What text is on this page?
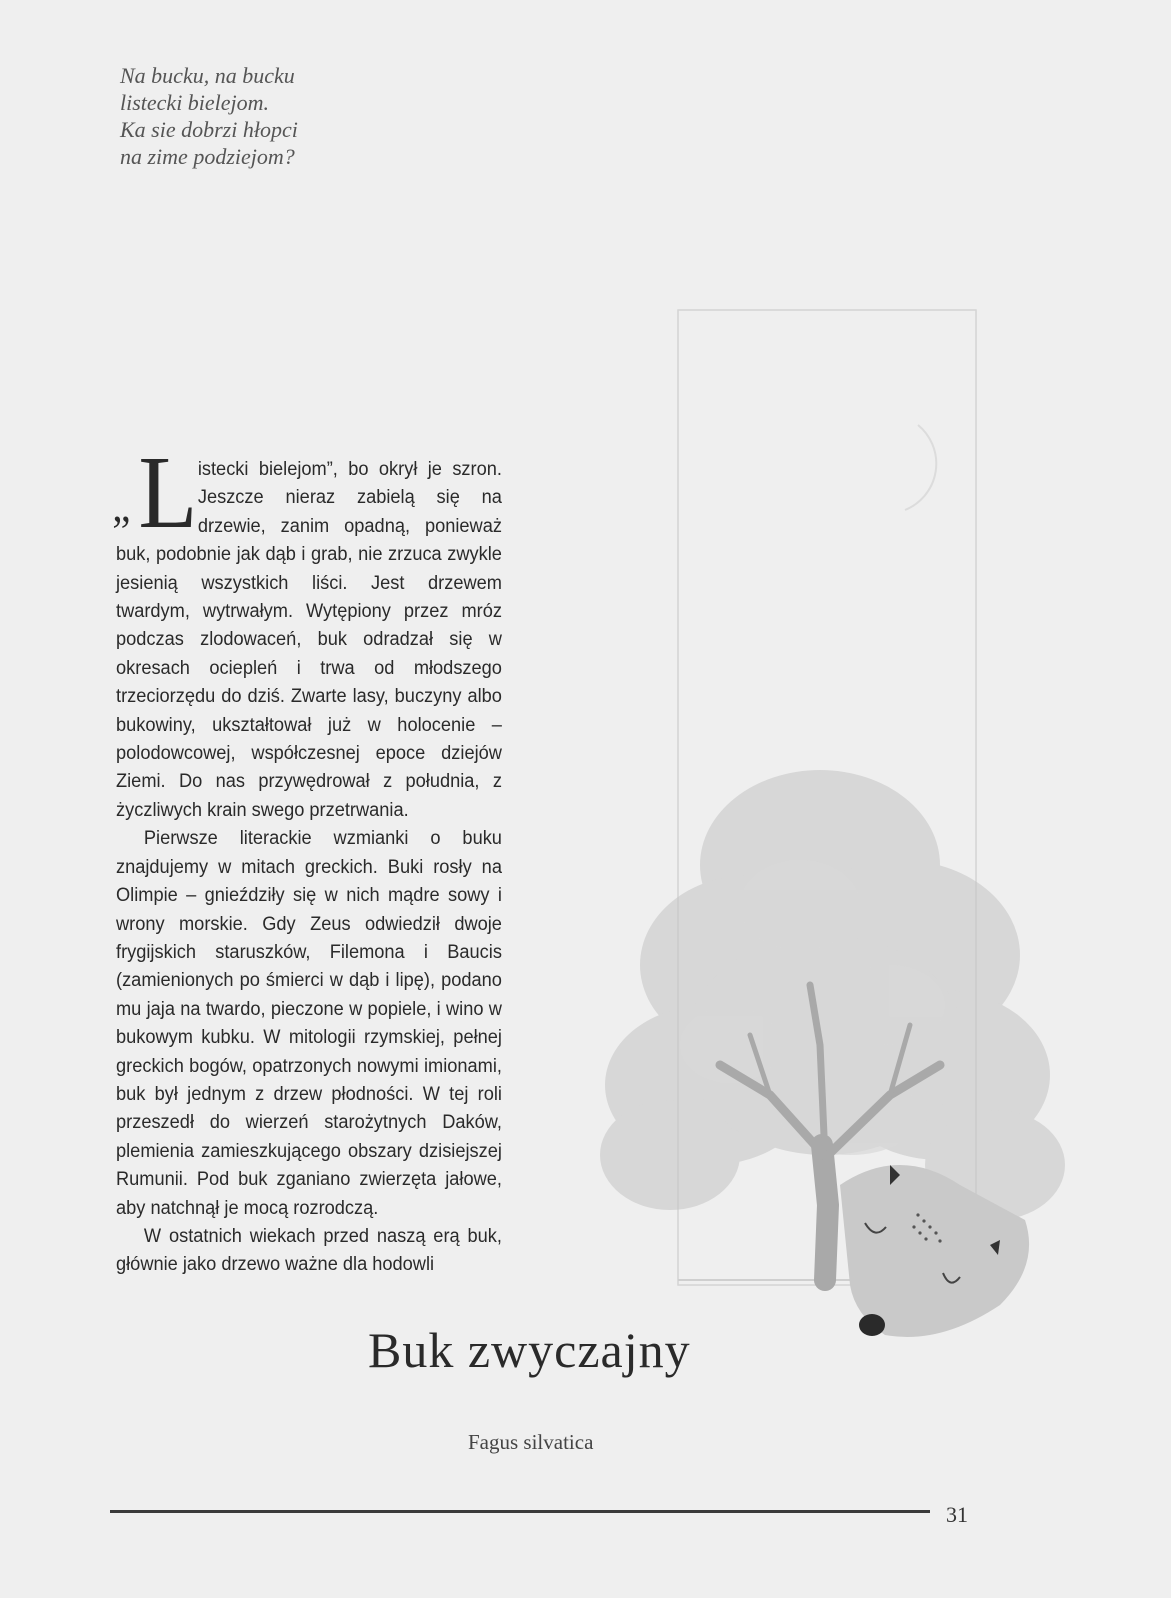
Na bucku, na bucku
listecki bielejom.
Ka sie dobrzi hłopci
na zime podziejom?
„ L istecki bielejom”, bo okrył je szron. Jeszcze nieraz zabielą się na drzewie, zanim opadną, ponieważ buk, podobnie jak dąb i grab, nie zrzuca zwykle jesienią wszystkich liści. Jest drzewem twardym, wytrwałym. Wytępiony przez mróz podczas zlodowaceń, buk odradzał się w okresach ociepleń i trwa od młodszego trzeciorzędu do dziś. Zwarte lasy, buczyny albo bukowiny, ukształtował już w holocenie – polodowcowej, współczesnej epoce dziejów Ziemi. Do nas przywędrował z południa, z życzliwych krain swego przetrwania.

Pierwsze literackie wzmianki o buku znajdujemy w mitach greckich. Buki rosły na Olimpie – gnieździły się w nich mądre sowy i wrony morskie. Gdy Zeus odwiedził dwoje frygijskich staruszków, Filemona i Baucis (zamienionych po śmierci w dąb i lipę), podano mu jaja na twardo, pieczone w popiele, i wino w bukowym kubku. W mitologii rzymskiej, pełnej greckich bogów, opatrzonych nowymi imionami, buk był jednym z drzew płodności. W tej roli przeszedł do wierzeń starożytnych Daków, plemienia zamieszkującego obszary dzisiejszej Rumunii. Pod buk zganiano zwierzęta jałowe, aby natchnął je mocą rozrodczą.

W ostatnich wiekach przed naszą erą buk, głównie jako drzewo ważne dla hodowli

Buk zwyczajny
Fagus silvatica
31
